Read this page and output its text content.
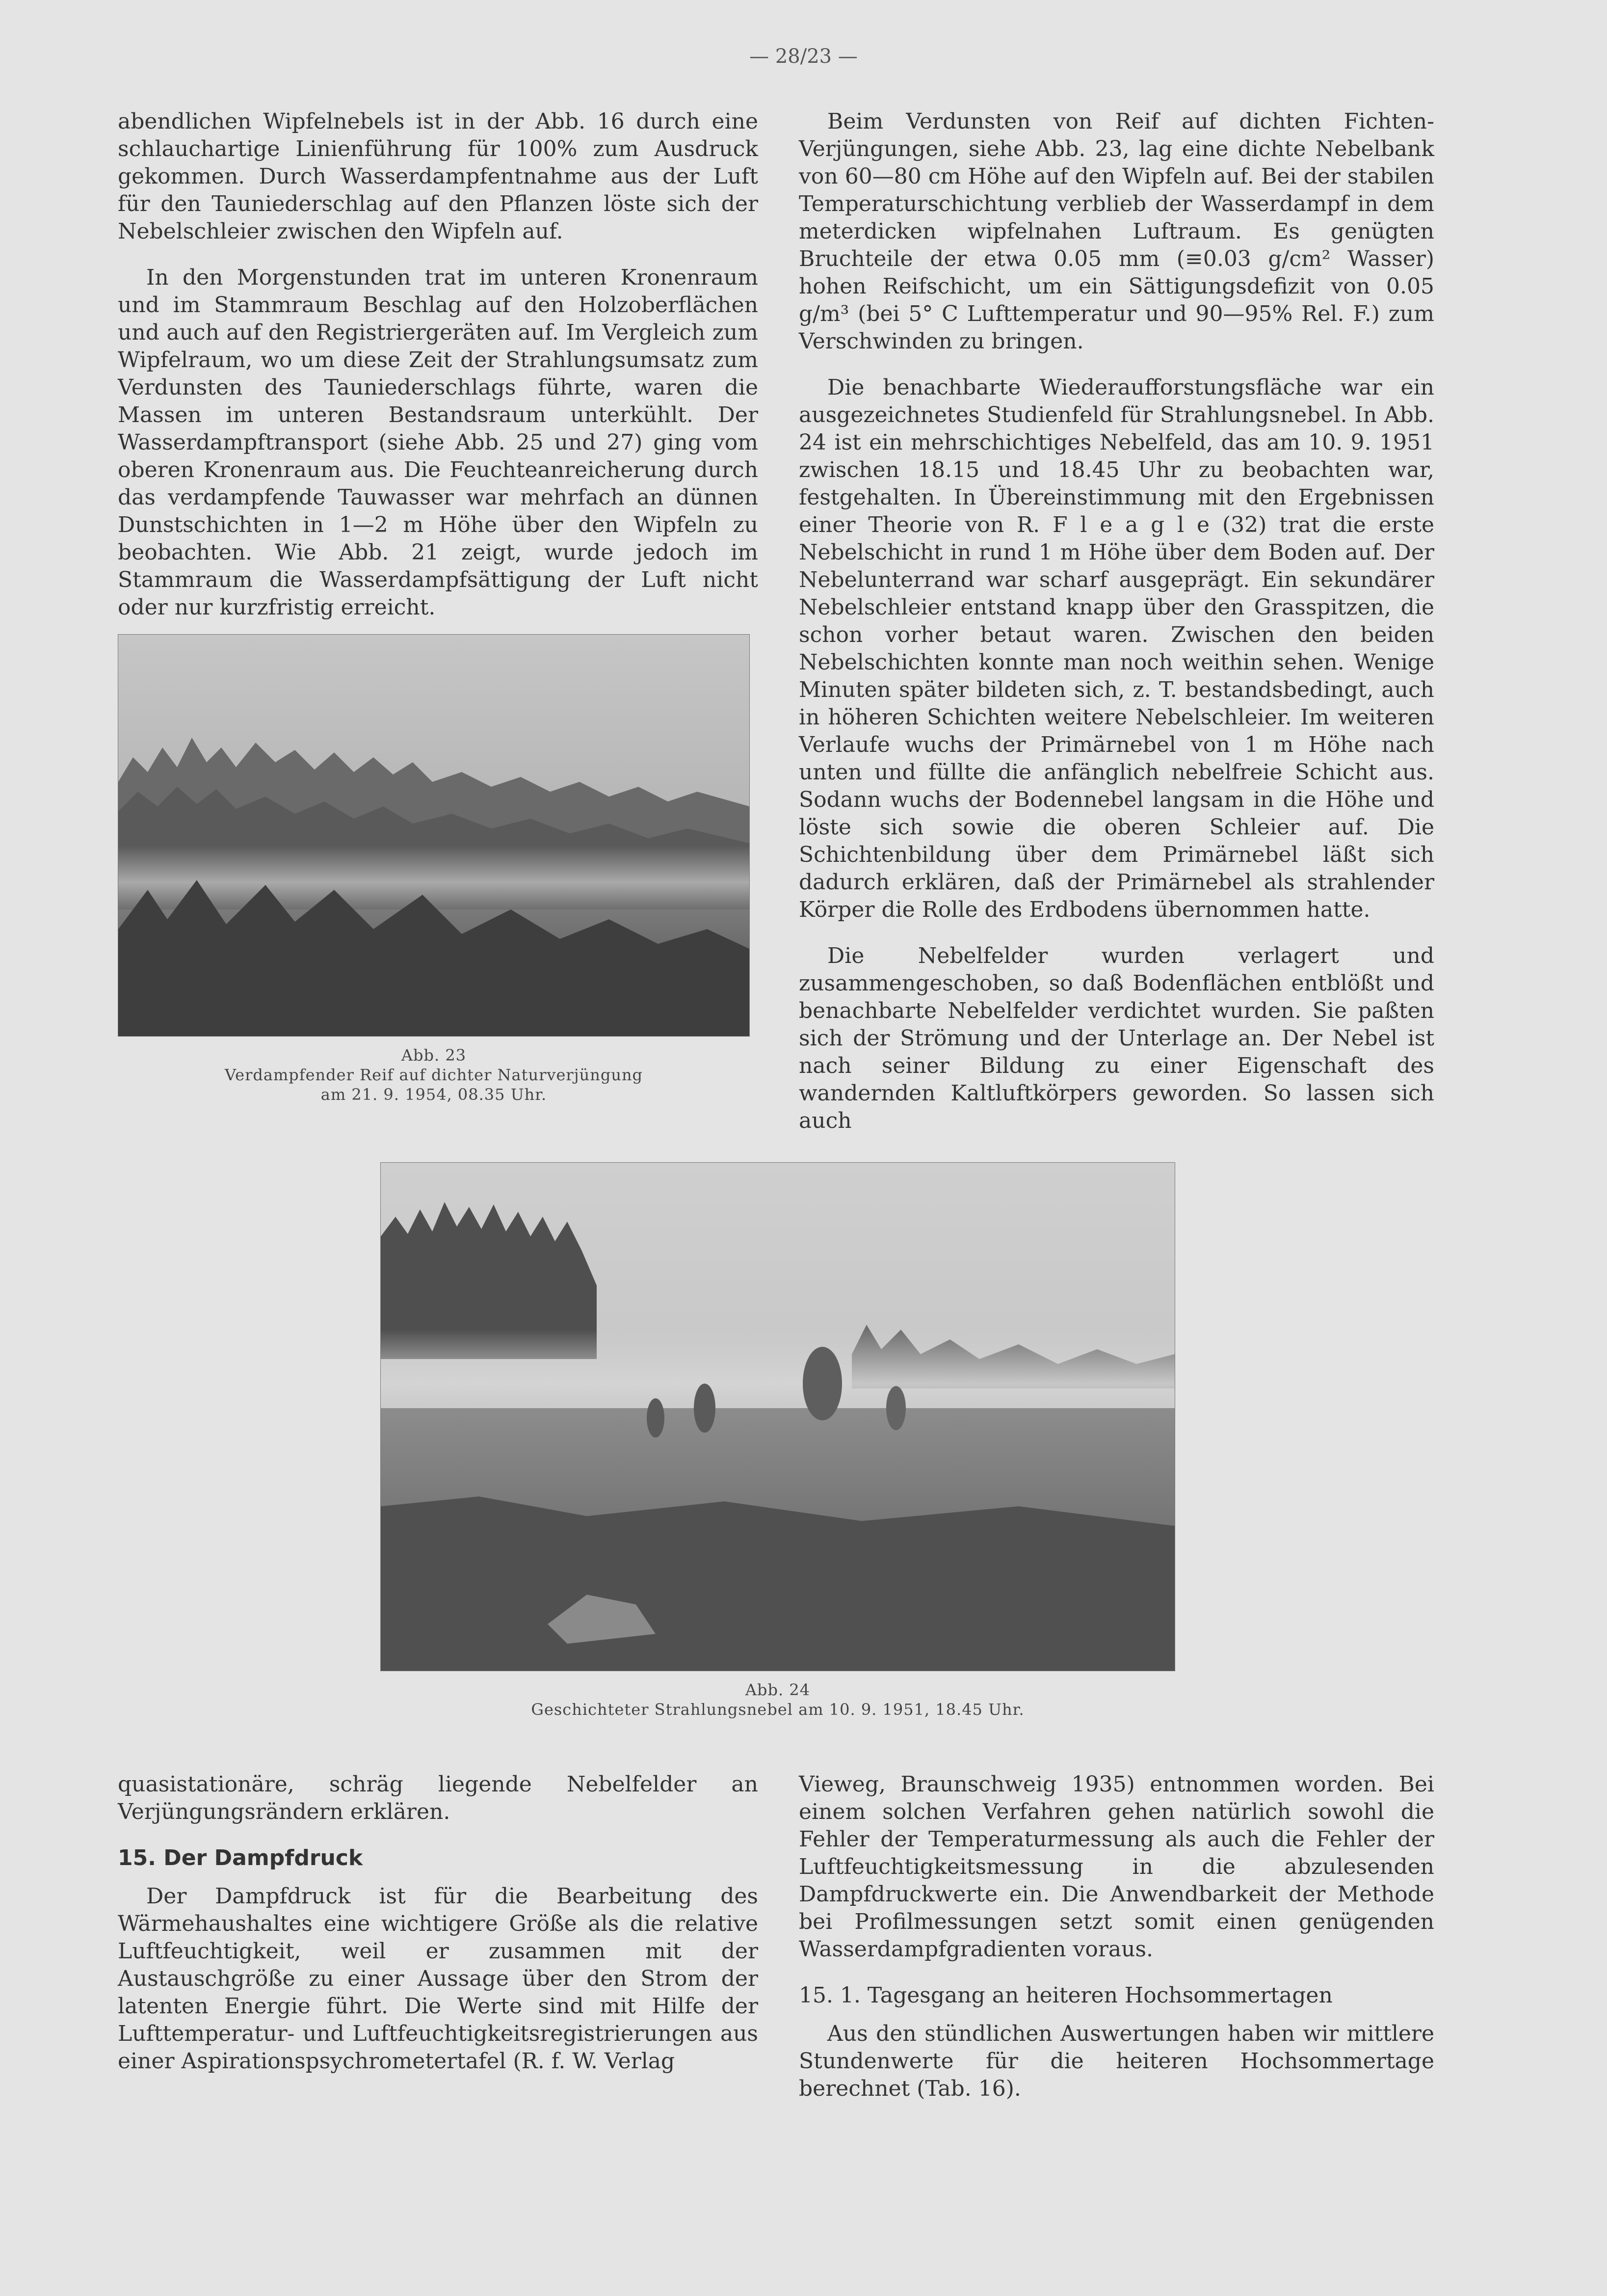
— 28/23 —

abendlichen Wipfelnebels ist in der Abb. 16 durch eine schlauchartige Linienführung für 100% zum Ausdruck gekommen. Durch Wasserdampfentnahme aus der Luft für den Tauniederschlag auf den Pflanzen löste sich der Nebelschleier zwischen den Wipfeln auf.

In den Morgenstunden trat im unteren Kronenraum und im Stammraum Beschlag auf den Holzoberflächen und auch auf den Registriergeräten auf. Im Vergleich zum Wipfelraum, wo um diese Zeit der Strahlungsumsatz zum Verdunsten des Tauniederschlags führte, waren die Massen im unteren Bestandsraum unterkühlt. Der Wasserdampftransport (siehe Abb. 25 und 27) ging vom oberen Kronenraum aus. Die Feuchteanreicherung durch das verdampfende Tauwasser war mehrfach an dünnen Dunstschichten in 1—2 m Höhe über den Wipfeln zu beobachten. Wie Abb. 21 zeigt, wurde jedoch im Stammraum die Wasserdampfsättigung der Luft nicht oder nur kurzfristig erreicht.

Abb. 23
Verdampfender Reif auf dichter Naturverjüngung
am 21. 9. 1954, 08.35 Uhr.

Beim Verdunsten von Reif auf dichten Fichten-Verjüngungen, siehe Abb. 23, lag eine dichte Nebelbank von 60—80 cm Höhe auf den Wipfeln auf. Bei der stabilen Temperaturschichtung verblieb der Wasserdampf in dem meterdicken wipfelnahen Luftraum. Es genügten Bruchteile der etwa 0.05 mm (≡0.03 g/cm² Wasser) hohen Reifschicht, um ein Sättigungsdefizit von 0.05 g/m³ (bei 5° C Lufttemperatur und 90—95% Rel. F.) zum Verschwinden zu bringen.

Die benachbarte Wiederaufforstungsfläche war ein ausgezeichnetes Studienfeld für Strahlungsnebel. In Abb. 24 ist ein mehrschichtiges Nebelfeld, das am 10. 9. 1951 zwischen 18.15 und 18.45 Uhr zu beobachten war, festgehalten. In Übereinstimmung mit den Ergebnissen einer Theorie von R. F l e a g l e (32) trat die erste Nebelschicht in rund 1 m Höhe über dem Boden auf. Der Nebelunterrand war scharf ausgeprägt. Ein sekundärer Nebelschleier entstand knapp über den Grasspitzen, die schon vorher betaut waren. Zwischen den beiden Nebelschichten konnte man noch weithin sehen. Wenige Minuten später bildeten sich, z. T. bestandsbedingt, auch in höheren Schichten weitere Nebelschleier. Im weiteren Verlaufe wuchs der Primärnebel von 1 m Höhe nach unten und füllte die anfänglich nebelfreie Schicht aus. Sodann wuchs der Bodennebel langsam in die Höhe und löste sich sowie die oberen Schleier auf. Die Schichtenbildung über dem Primärnebel läßt sich dadurch erklären, daß der Primärnebel als strahlender Körper die Rolle des Erdbodens übernommen hatte.

Die Nebelfelder wurden verlagert und zusammengeschoben, so daß Bodenflächen entblößt und benachbarte Nebelfelder verdichtet wurden. Sie paßten sich der Strömung und der Unterlage an. Der Nebel ist nach seiner Bildung zu einer Eigenschaft des wandernden Kaltluftkörpers geworden. So lassen sich auch

Abb. 24
Geschichteter Strahlungsnebel am 10. 9. 1951, 18.45 Uhr.

quasistationäre, schräg liegende Nebelfelder an Verjüngungsrändern erklären.

15. Der Dampfdruck

Der Dampfdruck ist für die Bearbeitung des Wärmehaushaltes eine wichtigere Größe als die relative Luftfeuchtigkeit, weil er zusammen mit der Austauschgröße zu einer Aussage über den Strom der latenten Energie führt. Die Werte sind mit Hilfe der Lufttemperatur- und Luftfeuchtigkeitsregistrierungen aus einer Aspirationspsychrometertafel (R. f. W. Verlag

Vieweg, Braunschweig 1935) entnommen worden. Bei einem solchen Verfahren gehen natürlich sowohl die Fehler der Temperaturmessung als auch die Fehler der Luftfeuchtigkeitsmessung in die abzulesenden Dampfdruckwerte ein. Die Anwendbarkeit der Methode bei Profilmessungen setzt somit einen genügenden Wasserdampfgradienten voraus.

15. 1. Tagesgang an heiteren Hochsommertagen

Aus den stündlichen Auswertungen haben wir mittlere Stundenwerte für die heiteren Hochsommertage berechnet (Tab. 16).
